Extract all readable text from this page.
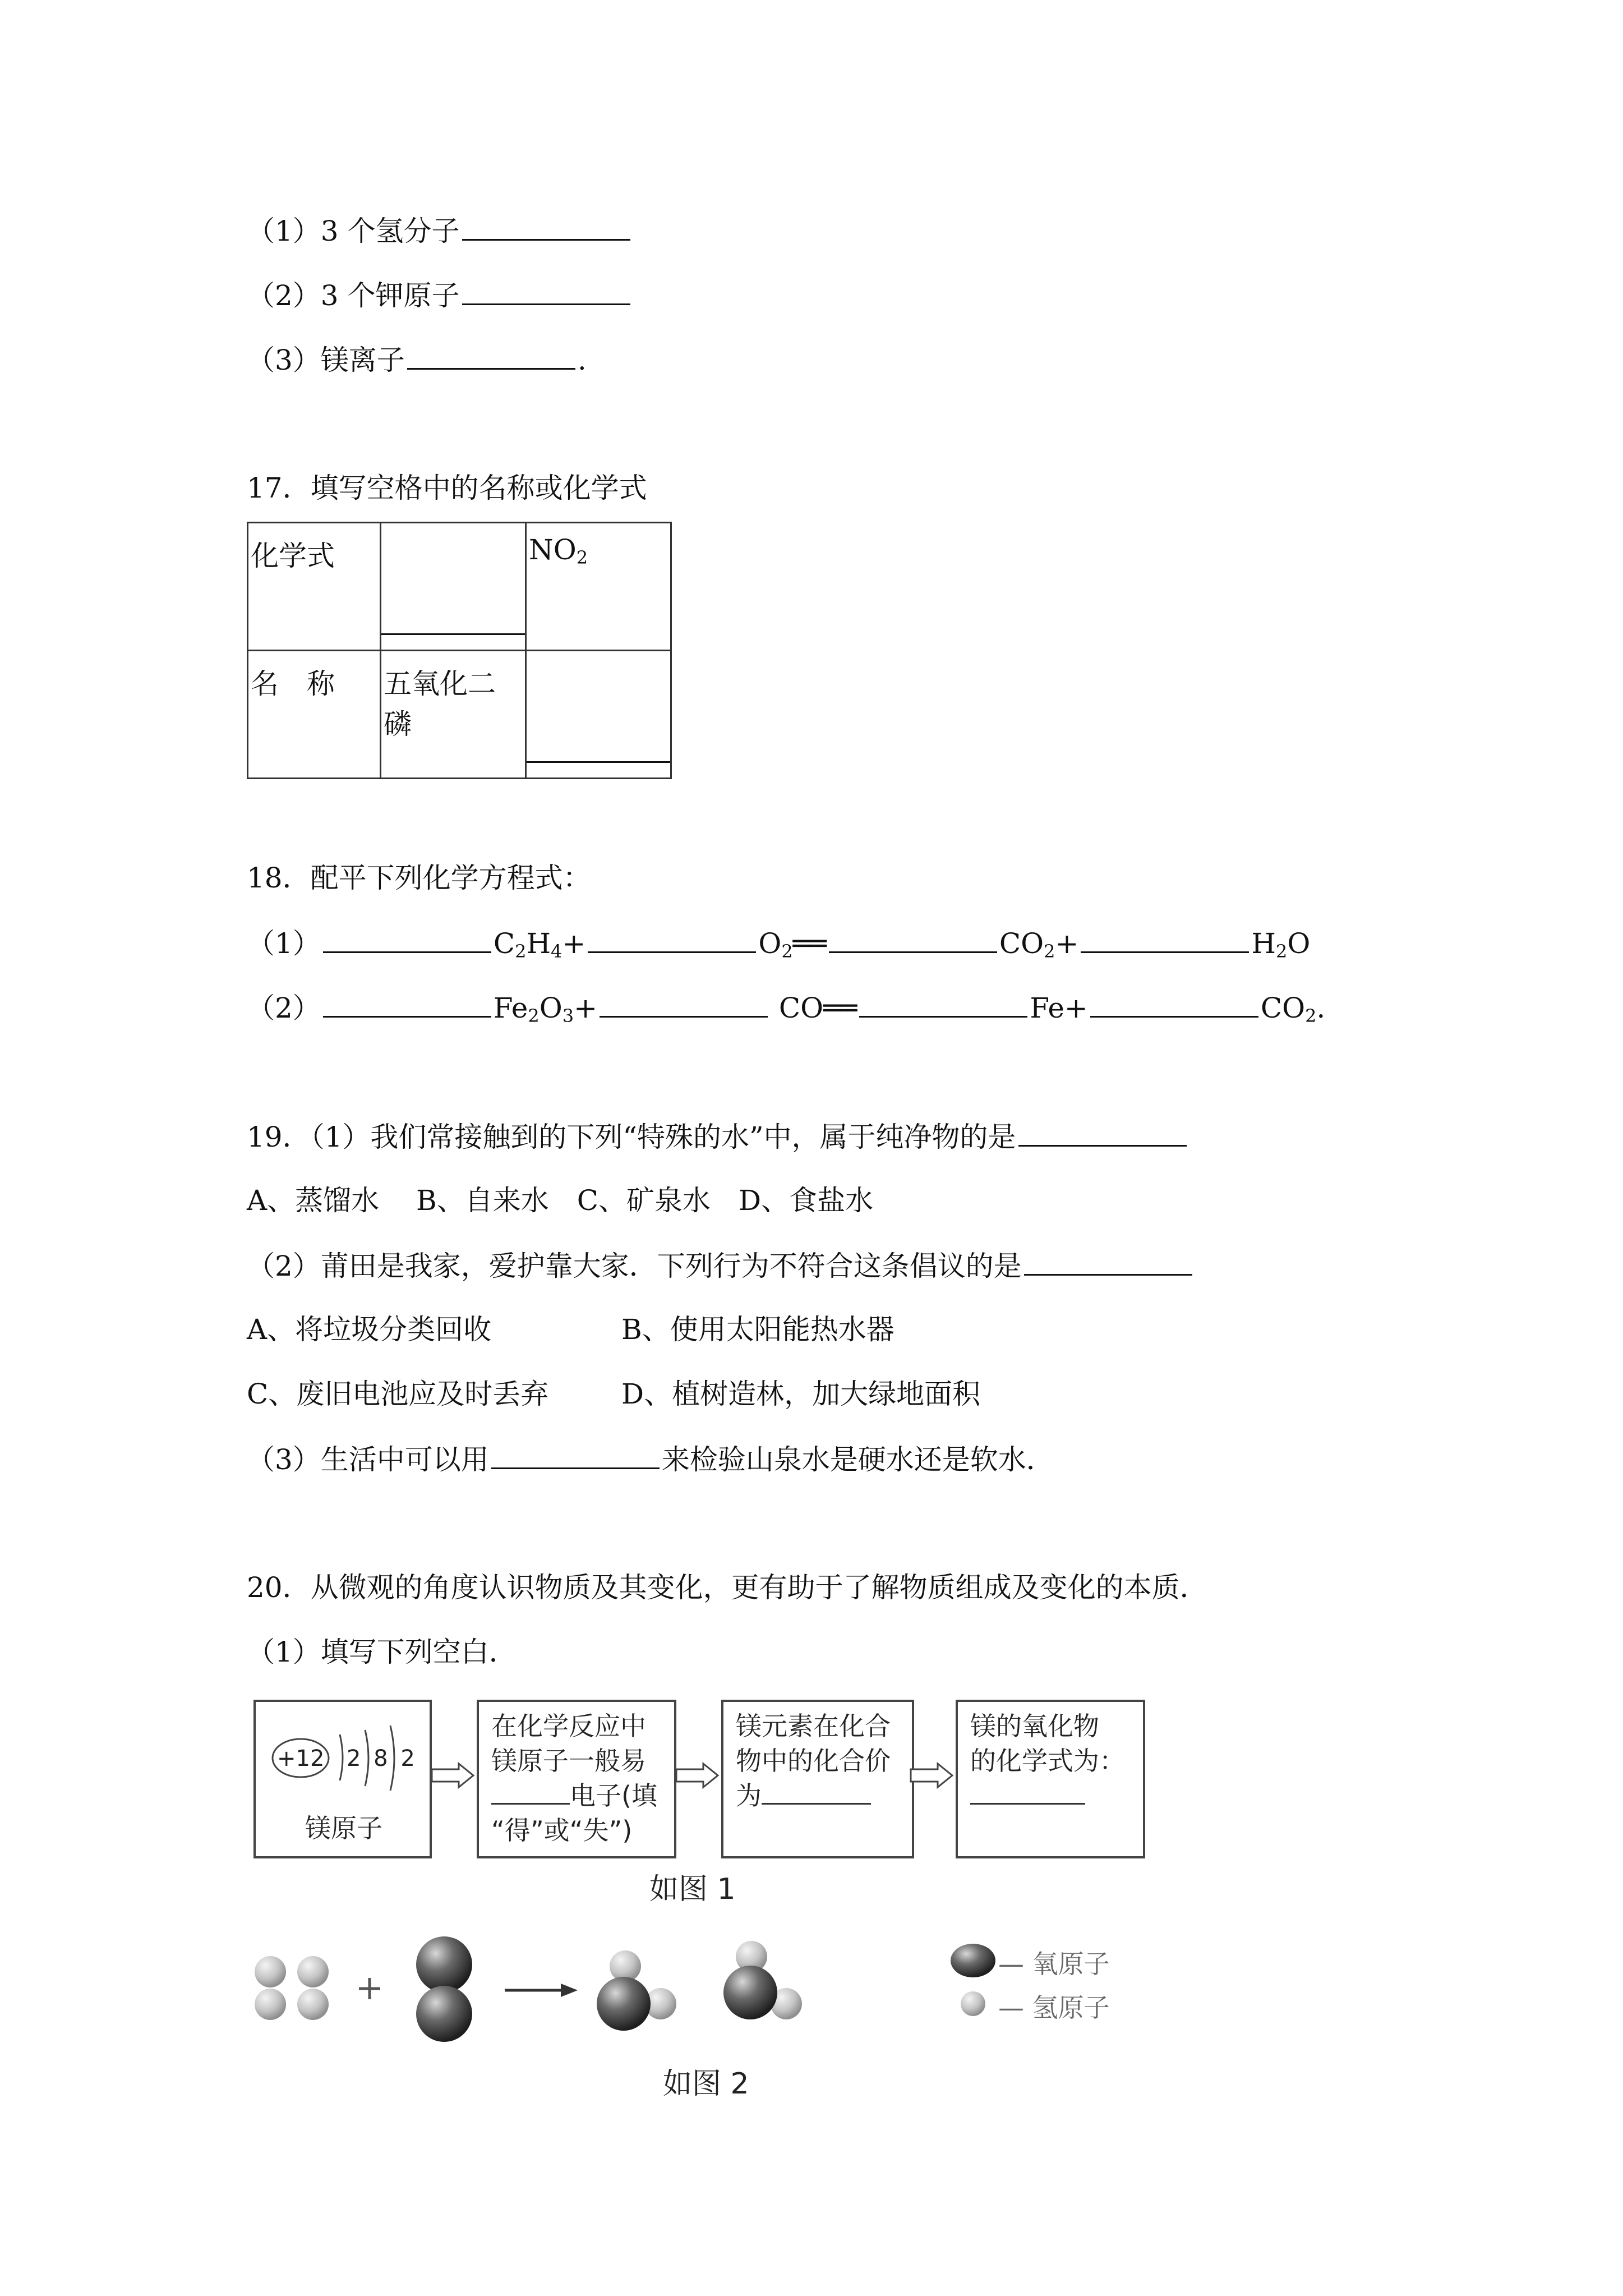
（1）3 个氢分子
（2）3 个钾原子
（3）镁离子	.
17．填写空格中的名称或化学式
化学式		$NO_2$
名　称	五氧化二磷	
18．配平下列化学方程式：
（1）	$C_2H_4+$	$O_2══$	$CO_2+$	$H_2O$
（2）	$Fe_2O_3+$	CO══	Fe+	$CO_2$.
19．（1）我们常接触到的下列“特殊的水”中，属于纯净物的是
A、蒸馏水　 B、自来水　C、矿泉水　D、食盐水
（2）莆田是我家，爱护靠大家．下列行为不符合这条倡议的是
A、将垃圾分类回收	B、使用太阳能热水器
C、废旧电池应及时丢弃	D、植树造林，加大绿地面积
（3）生活中可以用	来检验山泉水是硬水还是软水．
20．从微观的角度认识物质及其变化，更有助于了解物质组成及变化的本质．
（1）填写下列空白．
+12 2 8 2
镁原子
在化学反应中
镁原子一般易
电子(填
“得”或“失”)
镁元素在化合
物中的化合价
为
镁的氧化物
的化学式为：
如图 1
— 氧原子
— 氢原子
如图 2
